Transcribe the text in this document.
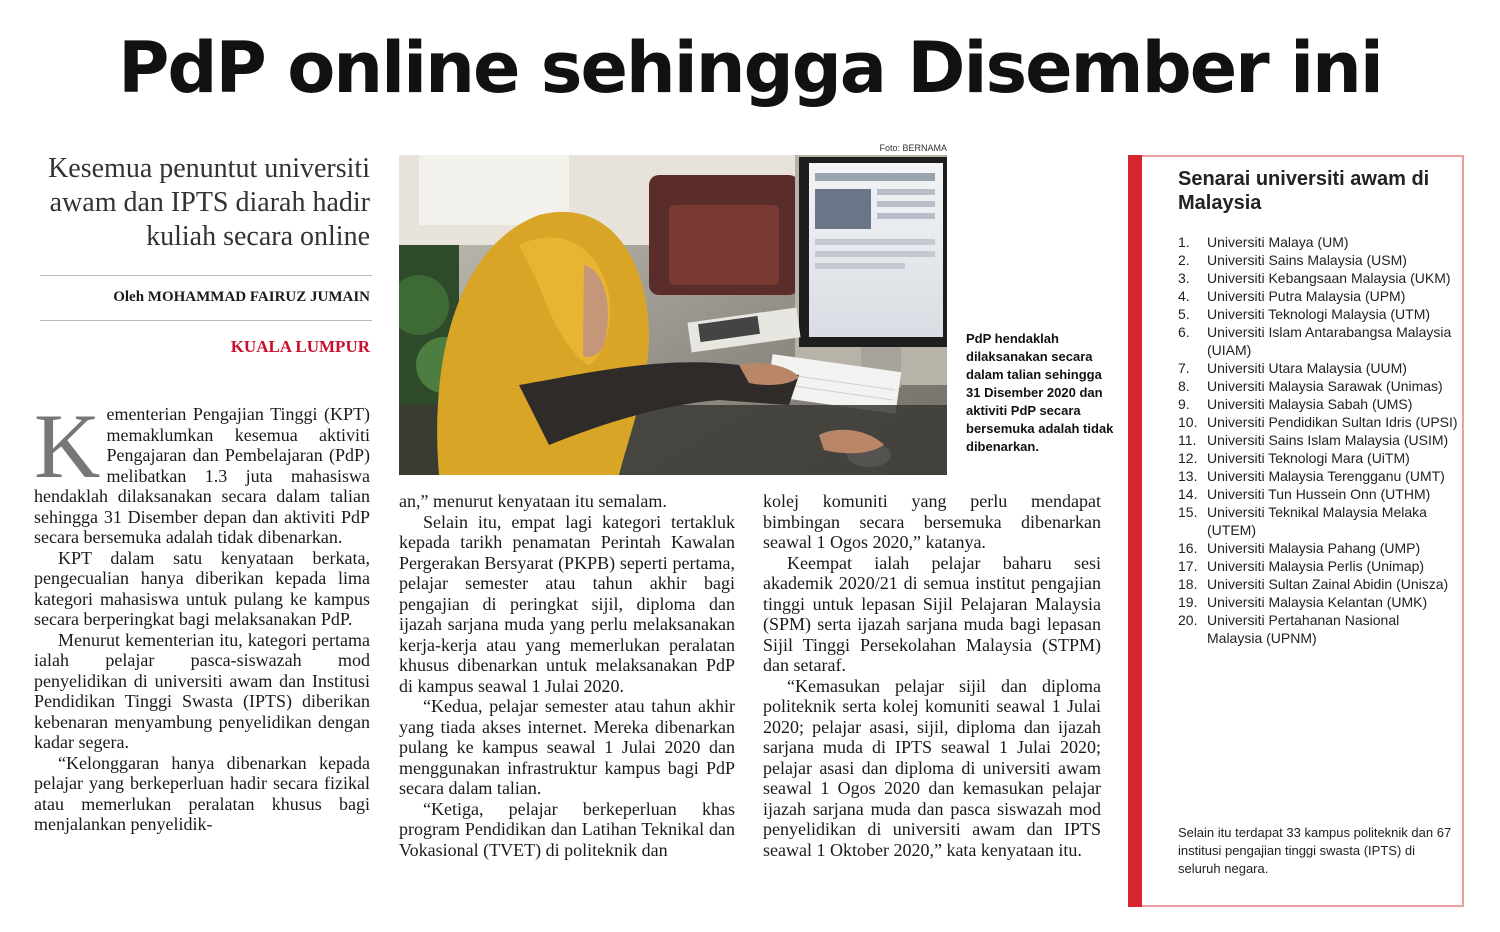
PdP online sehingga Disember ini
Kesemua penuntut universiti awam dan IPTS diarah hadir kuliah secara online
Oleh MOHAMMAD FAIRUZ JUMAIN
KUALA LUMPUR
K ementerian Pengajian Tinggi (KPT) memaklumkan kesemua aktiviti Pengajaran dan Pembelajaran (PdP) melibatkan 1.3 juta mahasiswa hendaklah dilaksanakan secara dalam talian sehingga 31 Disember depan dan aktiviti PdP secara bersemuka adalah tidak dibenarkan.

KPT dalam satu kenyataan berkata, pengecualian hanya diberikan kepada lima kategori mahasiswa untuk pulang ke kampus secara berperingkat bagi melaksanakan PdP.

Menurut kementerian itu, kategori pertama ialah pelajar pasca-siswazah mod penyelidikan di universiti awam dan Institusi Pendidikan Tinggi Swasta (IPTS) diberikan kebenaran menyambung penyelidikan dengan kadar segera.

“Kelonggaran hanya dibenarkan kepada pelajar yang berkeperluan hadir secara fizikal atau memerlukan peralatan khusus bagi menjalankan penyelidik-

Foto: BERNAMA
PdP hendaklah dilaksanakan secara dalam talian sehingga 31 Disember 2020 dan aktiviti PdP secara bersemuka adalah tidak dibenarkan.

an,” menurut kenyataan itu semalam.

Selain itu, empat lagi kategori tertakluk kepada tarikh penamatan Perintah Kawalan Pergerakan Bersyarat (PKPB) seperti pertama, pelajar semester atau tahun akhir bagi pengajian di peringkat sijil, diploma dan ijazah sarjana muda yang perlu melaksanakan kerja-kerja atau yang memerlukan peralatan khusus dibenarkan untuk melaksanakan PdP di kampus seawal 1 Julai 2020.

“Kedua, pelajar semester atau tahun akhir yang tiada akses internet. Mereka dibenarkan pulang ke kampus seawal 1 Julai 2020 dan menggunakan infrastruktur kampus bagi PdP secara dalam talian.

“Ketiga, pelajar berkeperluan khas program Pendidikan dan Latihan Teknikal dan Vokasional (TVET) di politeknik dan

kolej komuniti yang perlu mendapat bimbingan secara bersemuka dibenarkan seawal 1 Ogos 2020,” katanya.

Keempat ialah pelajar baharu sesi akademik 2020/21 di semua institut pengajian tinggi untuk lepasan Sijil Pelajaran Malaysia (SPM) serta ijazah sarjana muda bagi lepasan Sijil Tinggi Persekolahan Malaysia (STPM) dan setaraf.

“Kemasukan pelajar sijil dan diploma politeknik serta kolej komuniti seawal 1 Julai 2020; pelajar asasi, sijil, diploma dan ijazah sarjana muda di IPTS seawal 1 Julai 2020; pelajar asasi dan diploma di universiti awam seawal 1 Ogos 2020 dan kemasukan pelajar ijazah sarjana muda dan pasca siswazah mod penyelidikan di universiti awam dan IPTS seawal 1 Oktober 2020,” kata kenyataan itu.

Senarai universiti awam di Malaysia
1.	Universiti Malaya (UM)
2.	Universiti Sains Malaysia (USM)
3.	Universiti Kebangsaan Malaysia (UKM)
4.	Universiti Putra Malaysia (UPM)
5.	Universiti Teknologi Malaysia (UTM)
6.	Universiti Islam Antarabangsa Malaysia (UIAM)
7.	Universiti Utara Malaysia (UUM)
8.	Universiti Malaysia Sarawak (Unimas)
9.	Universiti Malaysia Sabah (UMS)
10. Universiti Pendidikan Sultan Idris (UPSI)
11. Universiti Sains Islam Malaysia (USIM)
12. Universiti Teknologi Mara (UiTM)
13. Universiti Malaysia Terengganu (UMT)
14. Universiti Tun Hussein Onn (UTHM)
15. Universiti Teknikal Malaysia Melaka (UTEM)
16. Universiti Malaysia Pahang (UMP)
17. Universiti Malaysia Perlis (Unimap)
18. Universiti Sultan Zainal Abidin (Unisza)
19. Universiti Malaysia Kelantan (UMK)
20. Universiti Pertahanan Nasional Malaysia (UPNM)
Selain itu terdapat 33 kampus politeknik dan 67 institusi pengajian tinggi swasta (IPTS) di seluruh negara.
